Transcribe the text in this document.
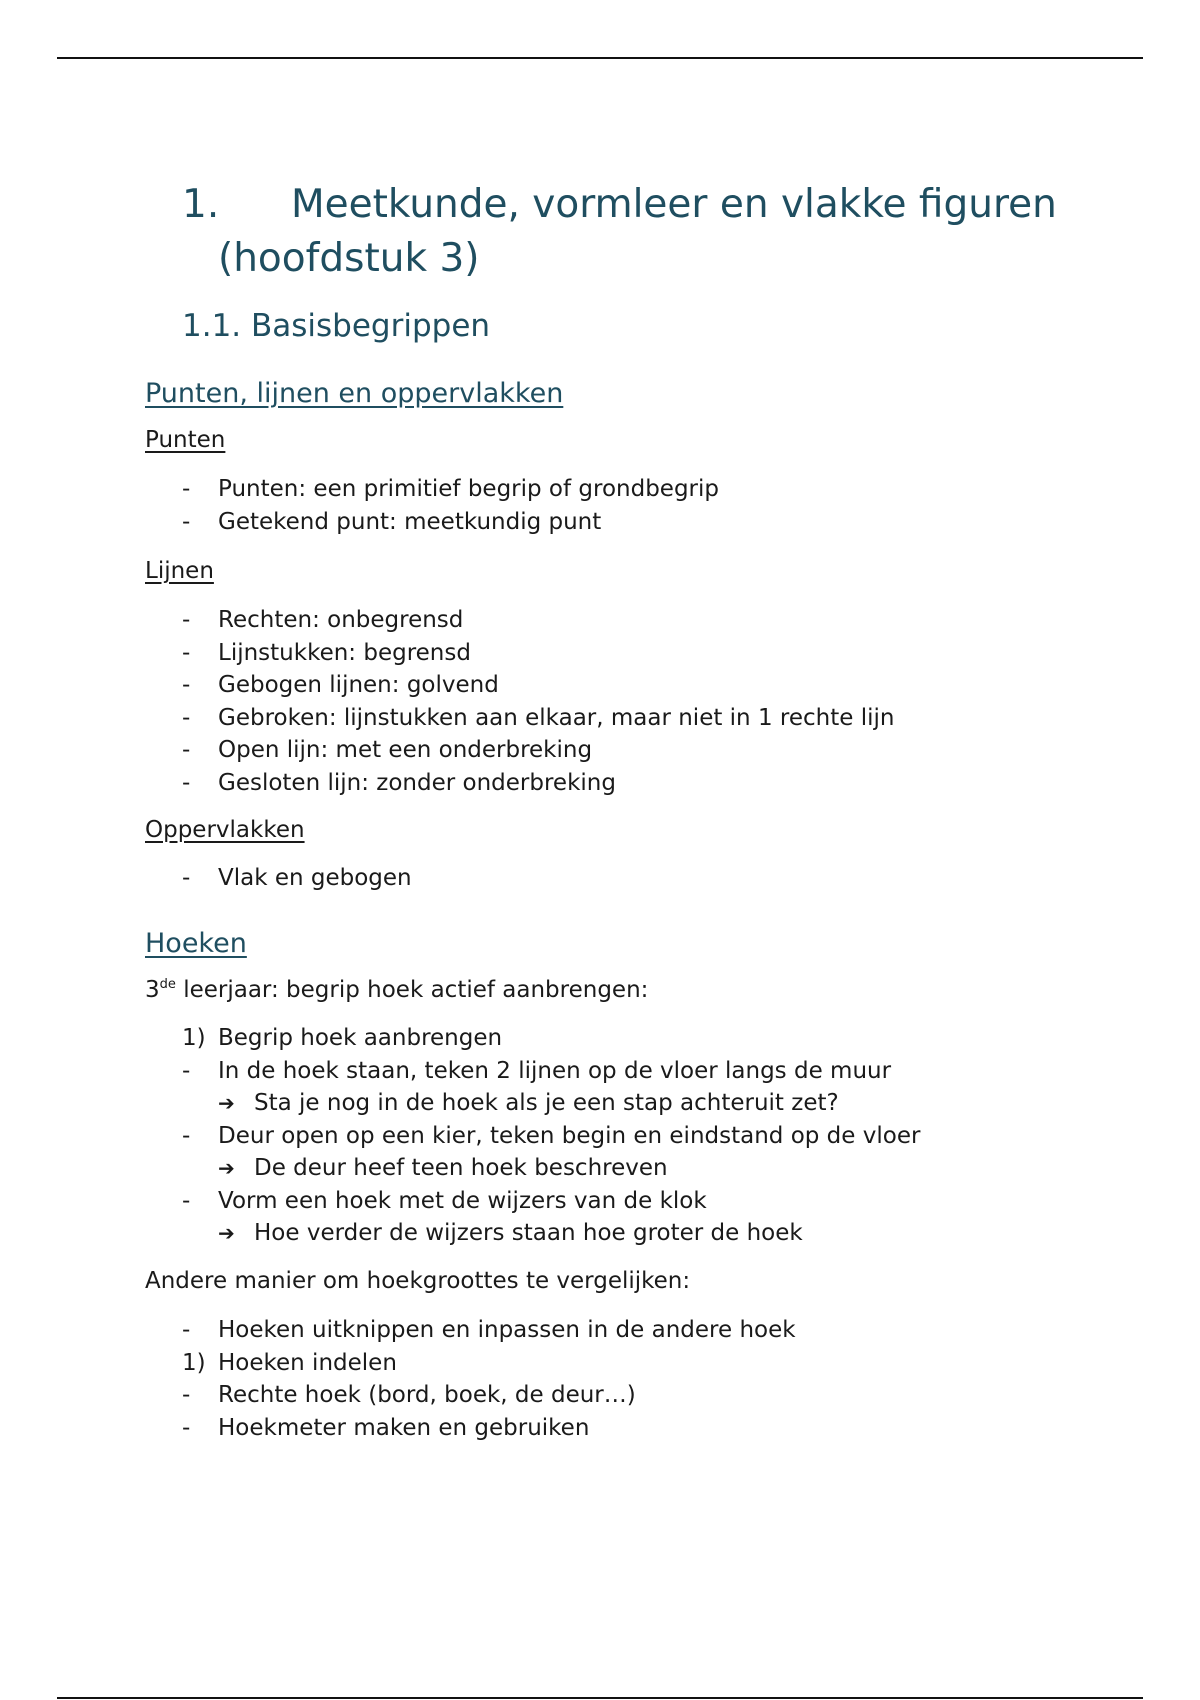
1. Meetkunde, vormleer en vlakke figuren
(hoofdstuk 3)
1.1. Basisbegrippen
Punten, lijnen en oppervlakken
Punten
- Punten: een primitief begrip of grondbegrip
- Getekend punt: meetkundig punt
Lijnen
- Rechten: onbegrensd
- Lijnstukken: begrensd
- Gebogen lijnen: golvend
- Gebroken: lijnstukken aan elkaar, maar niet in 1 rechte lijn
- Open lijn: met een onderbreking
- Gesloten lijn: zonder onderbreking
Oppervlakken
- Vlak en gebogen
Hoeken
3de leerjaar: begrip hoek actief aanbrengen:
1) Begrip hoek aanbrengen
- In de hoek staan, teken 2 lijnen op de vloer langs de muur
➔ Sta je nog in de hoek als je een stap achteruit zet?
- Deur open op een kier, teken begin en eindstand op de vloer
➔ De deur heef teen hoek beschreven
- Vorm een hoek met de wijzers van de klok
➔ Hoe verder de wijzers staan hoe groter de hoek
Andere manier om hoekgroottes te vergelijken:
- Hoeken uitknippen en inpassen in de andere hoek
1) Hoeken indelen
- Rechte hoek (bord, boek, de deur…)
- Hoekmeter maken en gebruiken
